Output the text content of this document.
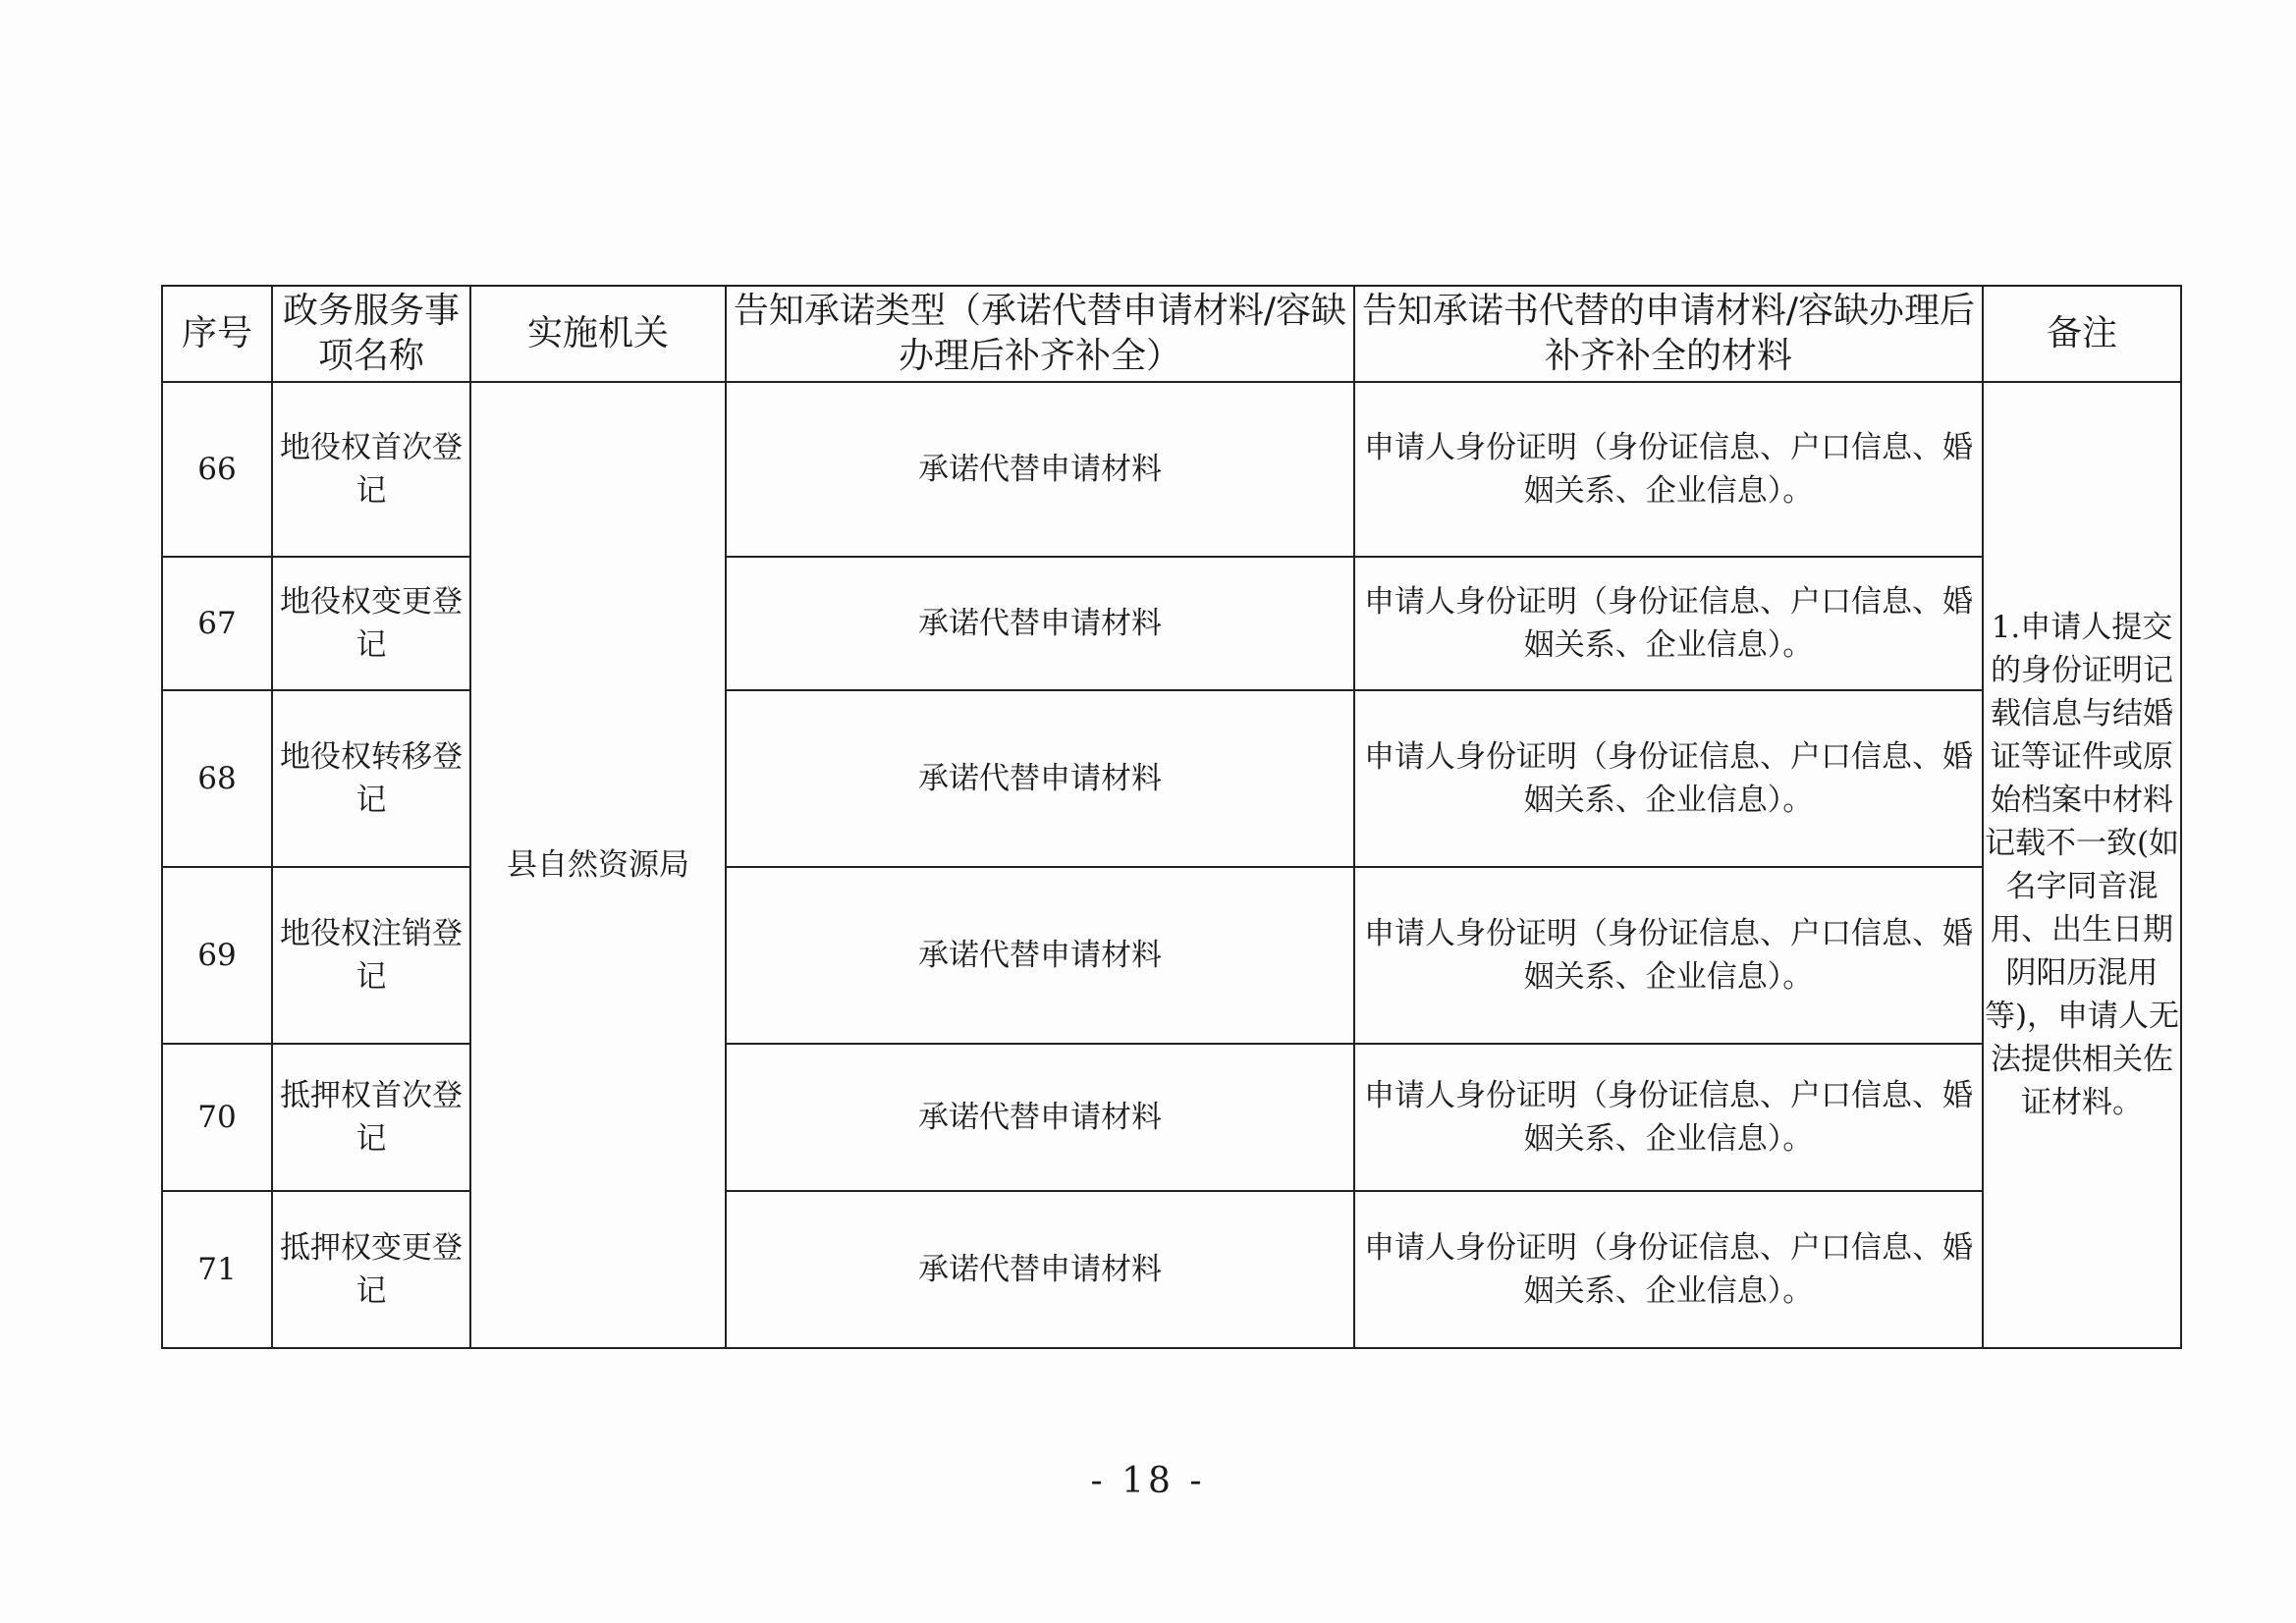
序号	政务服务事项名称	实施机关	告知承诺类型（承诺代替申请材料/容缺办理后补齐补全）	告知承诺书代替的申请材料/容缺办理后补齐补全的材料	备注
66	地役权首次登记	县自然资源局	承诺代替申请材料	申请人身份证明（身份证信息、户口信息、婚姻关系、企业信息）。	1.申请人提交的身份证明记载信息与结婚证等证件或原始档案中材料记载不一致(如名字同音混用、出生日期阴阳历混用等)，申请人无法提供相关佐证材料。
67	地役权变更登记		承诺代替申请材料	申请人身份证明（身份证信息、户口信息、婚姻关系、企业信息）。	
68	地役权转移登记		承诺代替申请材料	申请人身份证明（身份证信息、户口信息、婚姻关系、企业信息）。	
69	地役权注销登记		承诺代替申请材料	申请人身份证明（身份证信息、户口信息、婚姻关系、企业信息）。	
70	抵押权首次登记		承诺代替申请材料	申请人身份证明（身份证信息、户口信息、婚姻关系、企业信息）。	
71	抵押权变更登记		承诺代替申请材料	申请人身份证明（身份证信息、户口信息、婚姻关系、企业信息）。	
- 18 -
